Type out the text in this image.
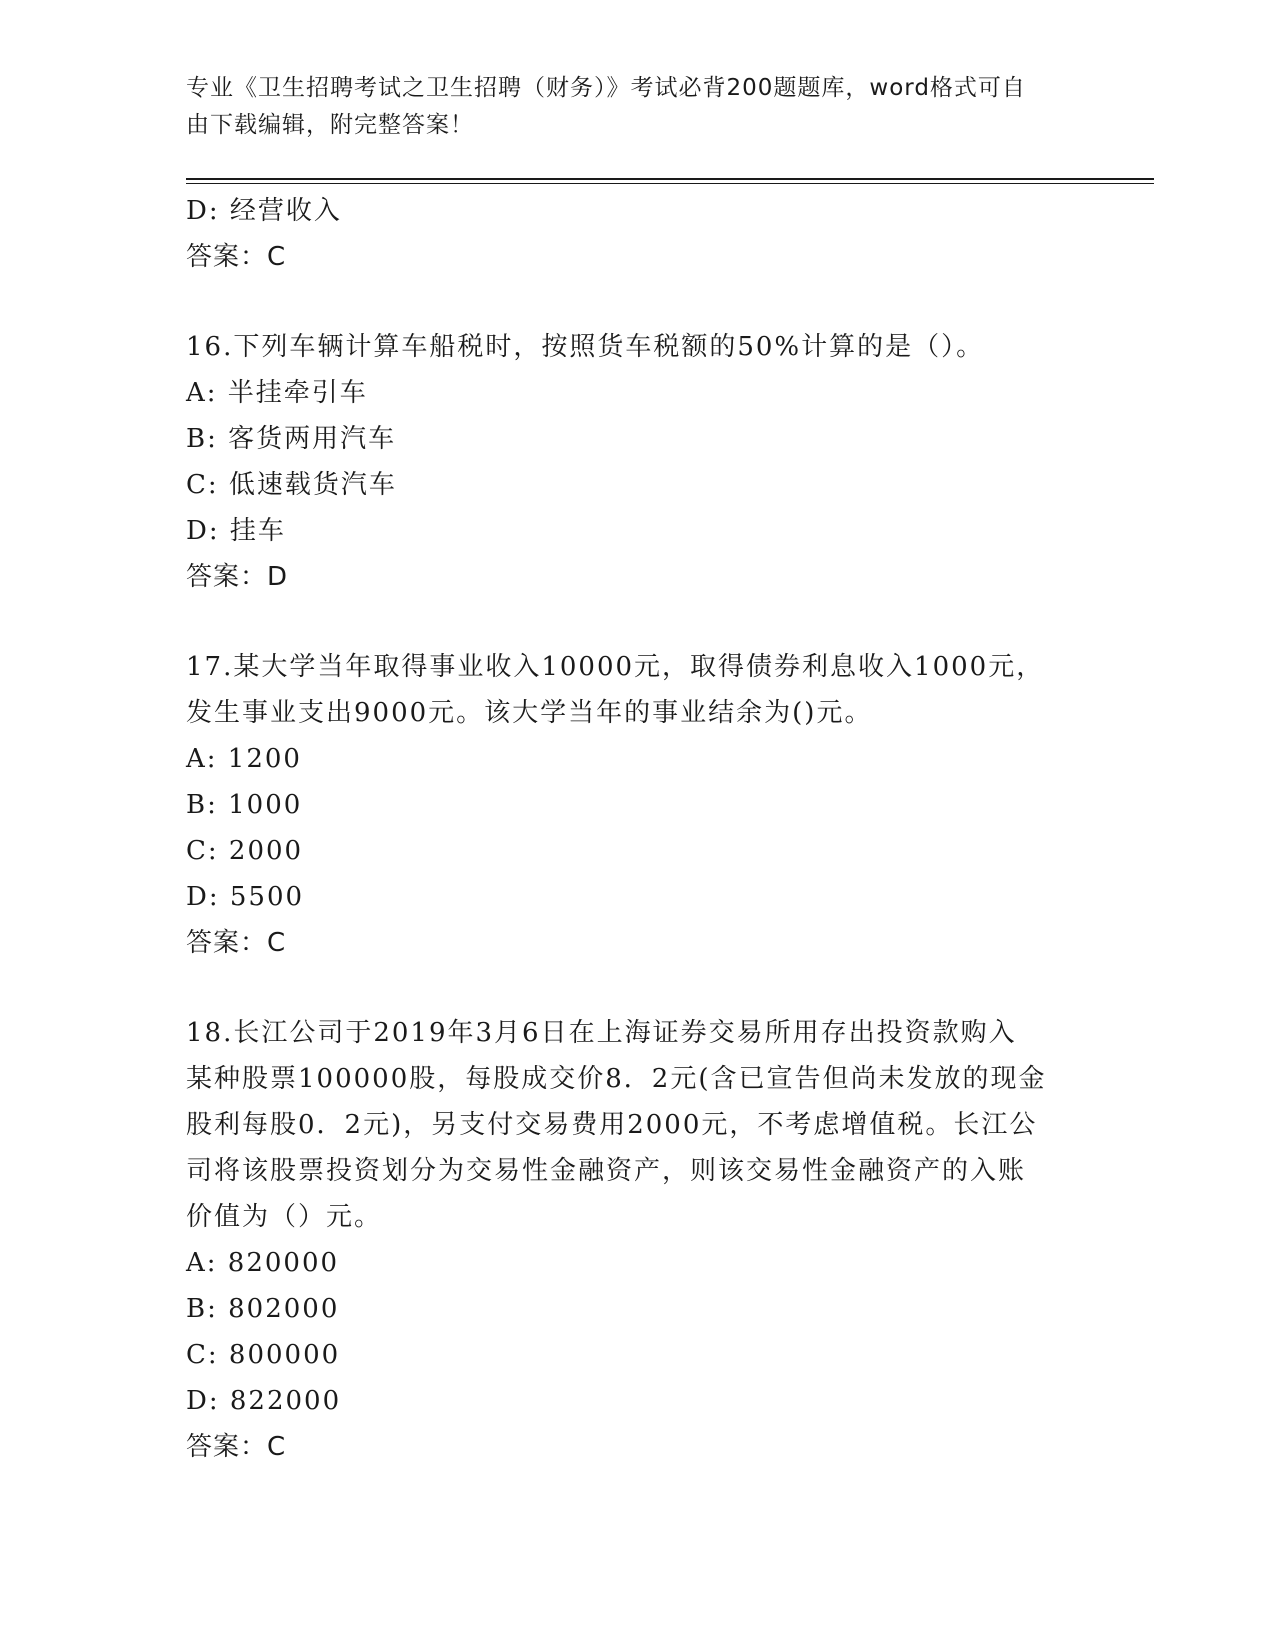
专业《卫生招聘考试之卫生招聘（财务）》考试必背200题题库，word格式可自
由下载编辑，附完整答案！
D: 经营收入
答案：C
16.下列车辆计算车船税时，按照货车税额的50%计算的是（）。
A: 半挂牵引车
B: 客货两用汽车
C: 低速载货汽车
D: 挂车
答案：D
17.某大学当年取得事业收入10000元，取得债券利息收入1000元，
发生事业支出9000元。该大学当年的事业结余为()元。
A: 1200
B: 1000
C: 2000
D: 5500
答案：C
18.长江公司于2019年3月6日在上海证券交易所用存出投资款购入
某种股票100000股，每股成交价8．2元(含已宣告但尚未发放的现金
股利每股0．2元)，另支付交易费用2000元，不考虑增值税。长江公
司将该股票投资划分为交易性金融资产，则该交易性金融资产的入账
价值为（）元。
A: 820000
B: 802000
C: 800000
D: 822000
答案：C
